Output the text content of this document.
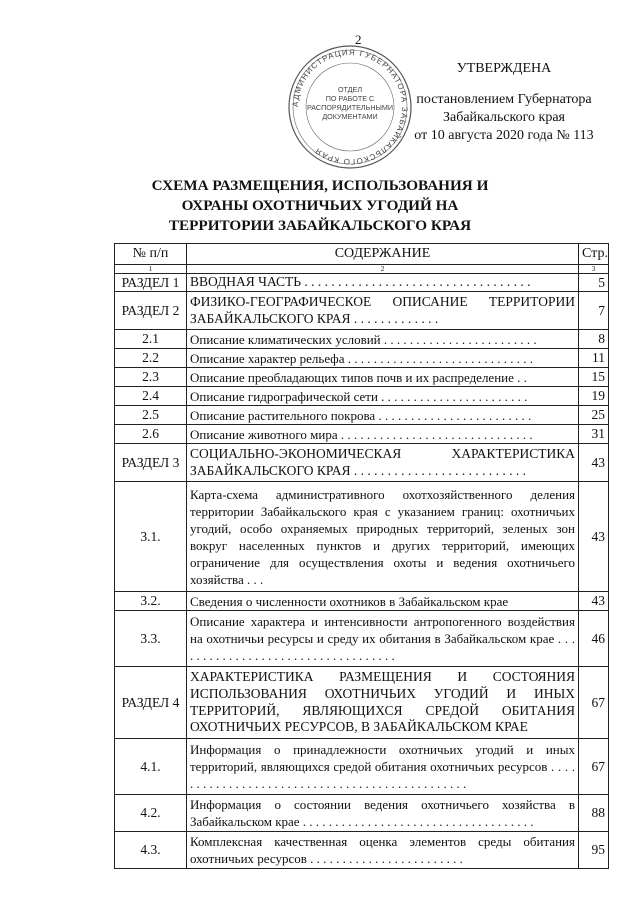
2
АДМИНИСТРАЦИЯ ГУБЕРНАТОРА ЗАБАЙКАЛЬСКОГО КРАЯ
ОТДЕЛ ПО РАБОТЕ С РАСПОРЯДИТЕЛЬНЫМИ ДОКУМЕНТАМИ
УТВЕРЖДЕНА
постановлением Губернатора
Забайкальского края
от 10 августа 2020 года № 113
СХЕМА РАЗМЕЩЕНИЯ, ИСПОЛЬЗОВАНИЯ И
ОХРАНЫ ОХОТНИЧЬИХ УГОДИЙ НА
ТЕРРИТОРИИ ЗАБАЙКАЛЬСКОГО КРАЯ
№ п/п	СОДЕРЖАНИЕ	Стр.
1	2	3
РАЗДЕЛ 1	ВВОДНАЯ ЧАСТЬ . . . . . . . . . . . . . . . . . . . . . . . . . . . . . . . . . .	5
РАЗДЕЛ 2	ФИЗИКО-ГЕОГРАФИЧЕСКОЕ ОПИСАНИЕ ТЕРРИТОРИИ ЗАБАЙКАЛЬСКОГО КРАЯ . . . . . . . . . . . . .	7
2.1	Описание климатических условий . . . . . . . . . . . . . . . . . . . . . . . .	8
2.2	Описание характер рельефа . . . . . . . . . . . . . . . . . . . . . . . . . . . . .	11
2.3	Описание преобладающих типов почв и их распределение . .	15
2.4	Описание гидрографической сети . . . . . . . . . . . . . . . . . . . . . . .	19
2.5	Описание растительного покрова . . . . . . . . . . . . . . . . . . . . . . . .	25
2.6	Описание животного мира . . . . . . . . . . . . . . . . . . . . . . . . . . . . . .	31
РАЗДЕЛ 3	СОЦИАЛЬНО-ЭКОНОМИЧЕСКАЯ ХАРАКТЕРИСТИКА ЗАБАЙКАЛЬСКОГО КРАЯ . . . . . . . . . . . . . . . . . . . . . . . . . .	43
3.1.	Карта-схема административного охотхозяйственного деления территории Забайкальского края с указанием границ: охотничьих угодий, особо охраняемых природных территорий, зеленых зон вокруг населенных пунктов и других территорий, имеющих ограничение для осуществления охоты и ведения охотничьего хозяйства . . .	43
3.2.	Сведения о численности охотников в Забайкальском крае	43
3.3.	Описание характера и интенсивности антропогенного воздействия на охотничьи ресурсы и среду их обитания в Забайкальском крае . . . . . . . . . . . . . . . . . . . . . . . . . . . . . . . . . . .	46
РАЗДЕЛ 4	ХАРАКТЕРИСТИКА РАЗМЕЩЕНИЯ И СОСТОЯНИЯ ИСПОЛЬЗОВАНИЯ ОХОТНИЧЬИХ УГОДИЙ И ИНЫХ ТЕРРИТОРИЙ, ЯВЛЯЮЩИХСЯ СРЕДОЙ ОБИТАНИЯ ОХОТНИЧЬИХ РЕСУРСОВ, В ЗАБАЙКАЛЬСКОМ КРАЕ	67
4.1.	Информация о принадлежности охотничьих угодий и иных территорий, являющихся средой обитания охотничьих ресурсов . . . . . . . . . . . . . . . . . . . . . . . . . . . . . . . . . . . . . . . . . . . . . . .	67
4.2.	Информация о состоянии ведения охотничьего хозяйства в Забайкальском крае . . . . . . . . . . . . . . . . . . . . . . . . . . . . . . . . . . . .	88
4.3.	Комплексная качественная оценка элементов среды обитания охотничьих ресурсов . . . . . . . . . . . . . . . . . . . . . . . .	95
